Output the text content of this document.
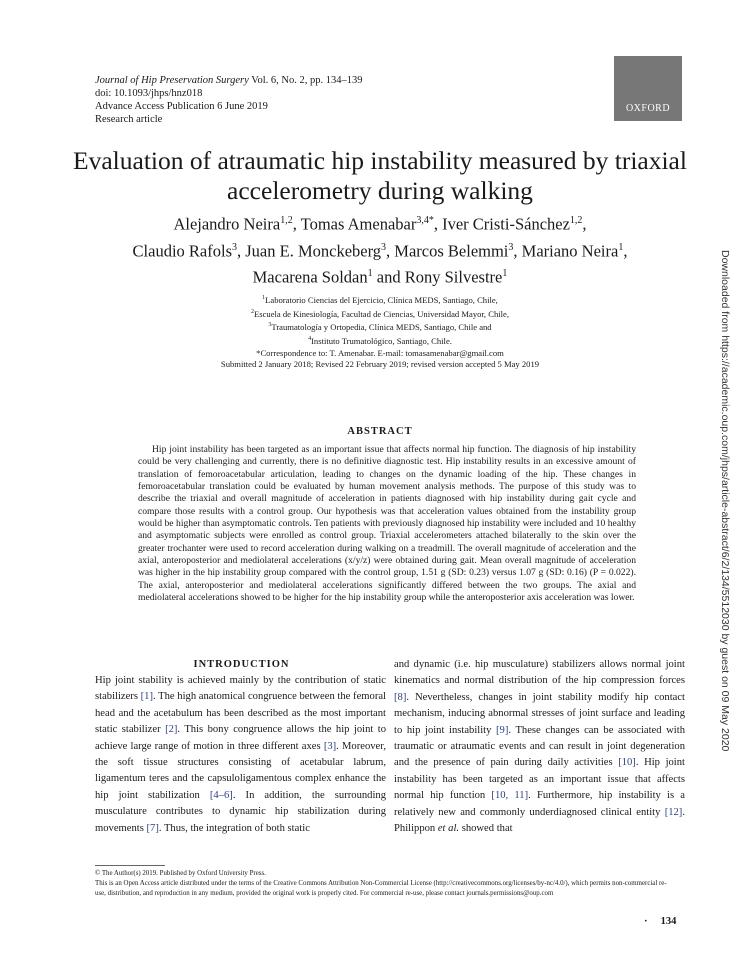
Journal of Hip Preservation Surgery Vol. 6, No. 2, pp. 134–139
doi: 10.1093/jhps/hnz018
Advance Access Publication 6 June 2019
Research article
OXFORD
Evaluation of atraumatic hip instability measured by triaxial accelerometry during walking
Alejandro Neira$^{1,2}$, Tomas Amenabar$^{3,4*}$, Iver Cristi-Sánchez$^{1,2}$,
Claudio Rafols$^3$, Juan E. Monckeberg$^3$, Marcos Belemmi$^3$, Mariano Neira$^1$,
Macarena Soldan$^1$ and Rony Silvestre$^1$
$^1$Laboratorio Ciencias del Ejercicio, Clínica MEDS, Santiago, Chile,
$^2$Escuela de Kinesiología, Facultad de Ciencias, Universidad Mayor, Chile,
$^3$Traumatología y Ortopedia, Clínica MEDS, Santiago, Chile and
$^4$Instituto Trumatológico, Santiago, Chile.
*Correspondence to: T. Amenabar. E-mail: tomasamenabar@gmail.com
Submitted 2 January 2018; Revised 22 February 2019; revised version accepted 5 May 2019
ABSTRACT
Hip joint instability has been targeted as an important issue that affects normal hip function. The diagnosis of hip instability could be very challenging and currently, there is no definitive diagnostic test. Hip instability results in an excessive amount of translation of femoroacetabular articulation, leading to changes on the dynamic loading of the hip. These changes in femoroacetabular translation could be evaluated by human movement analysis methods. The purpose of this study was to describe the triaxial and overall magnitude of acceleration in patients diagnosed with hip instability during gait cycle and compare those results with a control group. Our hypothesis was that acceleration values obtained from the instability group would be higher than asymptomatic controls. Ten patients with previously diagnosed hip instability were included and 10 healthy and asymptomatic subjects were enrolled as control group. Triaxial accelerometers attached bilaterally to the skin over the greater trochanter were used to record acceleration during walking on a treadmill. The overall magnitude of acceleration and the axial, anteroposterior and mediolateral accelerations (x/y/z) were obtained during gait. Mean overall magnitude of acceleration was higher in the hip instability group compared with the control group, 1.51 g (SD: 0.23) versus 1.07 g (SD: 0.16) (P = 0.022). The axial, anteroposterior and mediolateral accelerations significantly differed between the two groups. The axial and mediolateral accelerations showed to be higher for the hip instability group while the anteroposterior axis acceleration was lower.
INTRODUCTION
Hip joint stability is achieved mainly by the contribution of static stabilizers [1]. The high anatomical congruence between the femoral head and the acetabulum has been described as the most important static stabilizer [2]. This bony congruence allows the hip joint to achieve large range of motion in three different axes [3]. Moreover, the soft tissue structures consisting of acetabular labrum, ligamentum teres and the capsuloligamentous complex enhance the hip joint stabilization [4–6]. In addition, the surrounding musculature contributes to dynamic hip stabilization during movements [7]. Thus, the integration of both static
and dynamic (i.e. hip musculature) stabilizers allows normal joint kinematics and normal distribution of the hip compression forces [8]. Nevertheless, changes in joint stability modify hip contact mechanism, inducing abnormal stresses of joint surface and leading to hip joint instability [9]. These changes can be associated with traumatic or atraumatic events and can result in joint degeneration and the presence of pain during daily activities [10]. Hip joint instability has been targeted as an important issue that affects normal hip function [10, 11]. Furthermore, hip instability is a relatively new and commonly underdiagnosed clinical entity [12]. Philippon et al. showed that
© The Author(s) 2019. Published by Oxford University Press.
This is an Open Access article distributed under the terms of the Creative Commons Attribution Non-Commercial License (http://creativecommons.org/licenses/by-nc/4.0/), which permits non-commercial re-use, distribution, and reproduction in any medium, provided the original work is properly cited. For commercial re-use, please contact journals.permissions@oup.com
·     134
Downloaded from https://academic.oup.com/jhps/article-abstract/6/2/134/5512030 by guest on 09 May 2020
